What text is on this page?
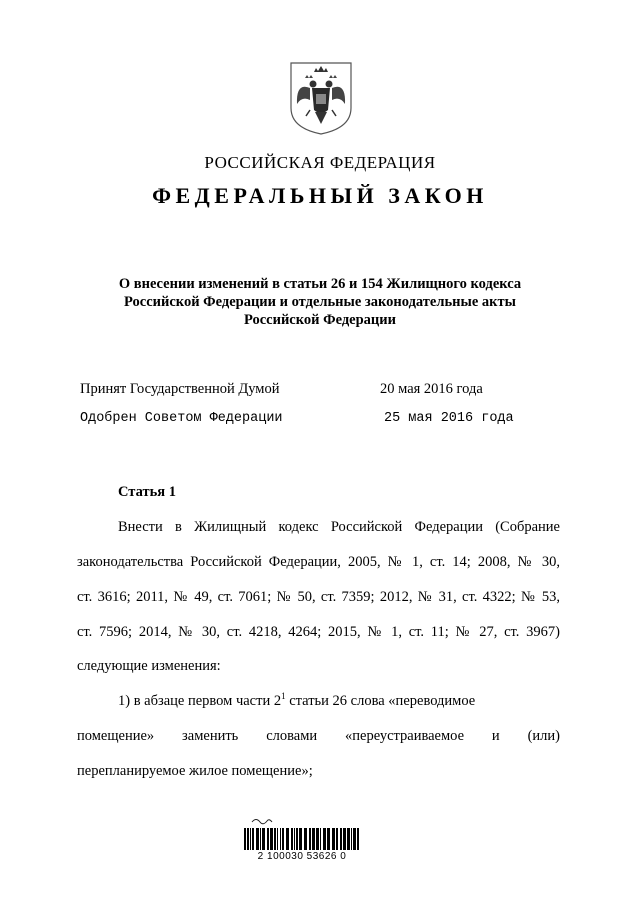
РОССИЙСКАЯ ФЕДЕРАЦИЯ
ФЕДЕРАЛЬНЫЙ ЗАКОН
О внесении изменений в статьи 26 и 154 Жилищного кодекса
Российской Федерации и отдельные законодательные акты
Российской Федерации
Принят Государственной Думой	20 мая 2016 года
Одобрен Советом Федерации	25 мая 2016 года
Статья 1
Внести в Жилищный кодекс Российской Федерации (Собрание
законодательства Российской Федерации, 2005, № 1, ст. 14; 2008, № 30,
ст. 3616; 2011, № 49, ст. 7061; № 50, ст. 7359; 2012, № 31, ст. 4322; № 53,
ст. 7596; 2014, № 30, ст. 4218, 4264; 2015, № 1, ст. 11; № 27, ст. 3967)
следующие изменения:
1) в абзаце первом части $2^1$ статьи 26 слова «переводимое
помещение» заменить словами «переустраиваемое и (или)
перепланируемое жилое помещение»;
2 100030 53626 0
